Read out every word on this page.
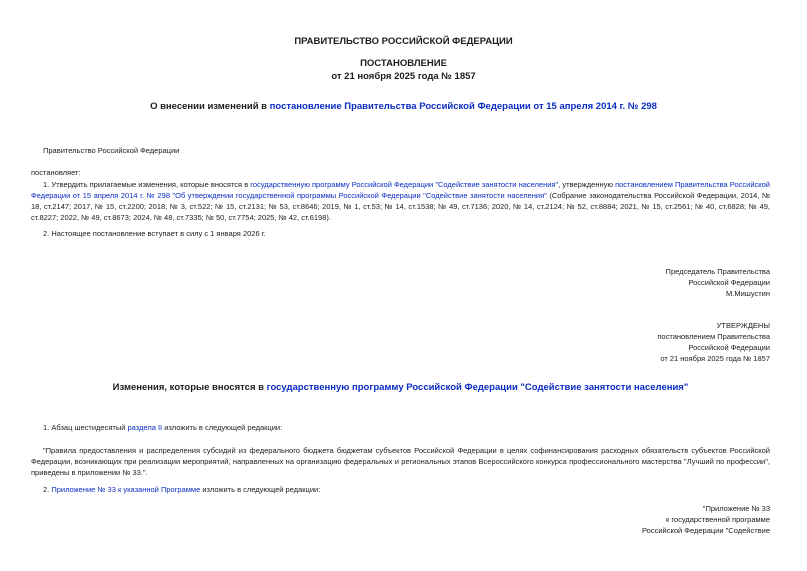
ПРАВИТЕЛЬСТВО РОССИЙСКОЙ ФЕДЕРАЦИИ
ПОСТАНОВЛЕНИЕ
от 21 ноября 2025 года № 1857
О внесении изменений в постановление Правительства Российской Федерации от 15 апреля 2014 г. № 298
Правительство Российской Федерации
постановляет:
1. Утвердить прилагаемые изменения, которые вносятся в государственную программу Российской Федерации "Содействие занятости населения", утвержденную постановлением Правительства Российской Федерации от 15 апреля 2014 г. № 298 "Об утверждении государственной программы Российской Федерации "Содействие занятости населения" (Собрание законодательства Российской Федерации, 2014, № 18, ст.2147; 2017, № 15, ст.2200; 2018, № 3, ст.522; № 15, ст.2131; № 53, ст.8646; 2019, № 1, ст.53; № 14, ст.1538; № 49, ст.7136; 2020, № 14, ст.2124; № 52, ст.8884; 2021, № 15, ст.2561; № 40, ст.6828; № 49, ст.8227; 2022, № 49, ст.8673; 2024, № 48, ст.7335; № 50, ст.7754; 2025, № 42, ст.6198).
2. Настоящее постановление вступает в силу с 1 января 2026 г.
Председатель Правительства
Российской Федерации
М.Мишустин
УТВЕРЖДЕНЫ
постановлением Правительства
Российской Федерации
от 21 ноября 2025 года № 1857
Изменения, которые вносятся в государственную программу Российской Федерации "Содействие занятости населения"
1. Абзац шестидесятый раздела II изложить в следующей редакции:
"Правила предоставления и распределения субсидий из федерального бюджета бюджетам субъектов Российской Федерации в целях софинансирования расходных обязательств субъектов Российской Федерации, возникающих при реализации мероприятий, направленных на организацию федеральных и региональных этапов Всероссийского конкурса профессионального мастерства "Лучший по профессии", приведены в приложении № 33.".
2. Приложение № 33 к указанной Программе изложить в следующей редакции:
"Приложение № 33
к государственной программе
Российской Федерации "Содействие
